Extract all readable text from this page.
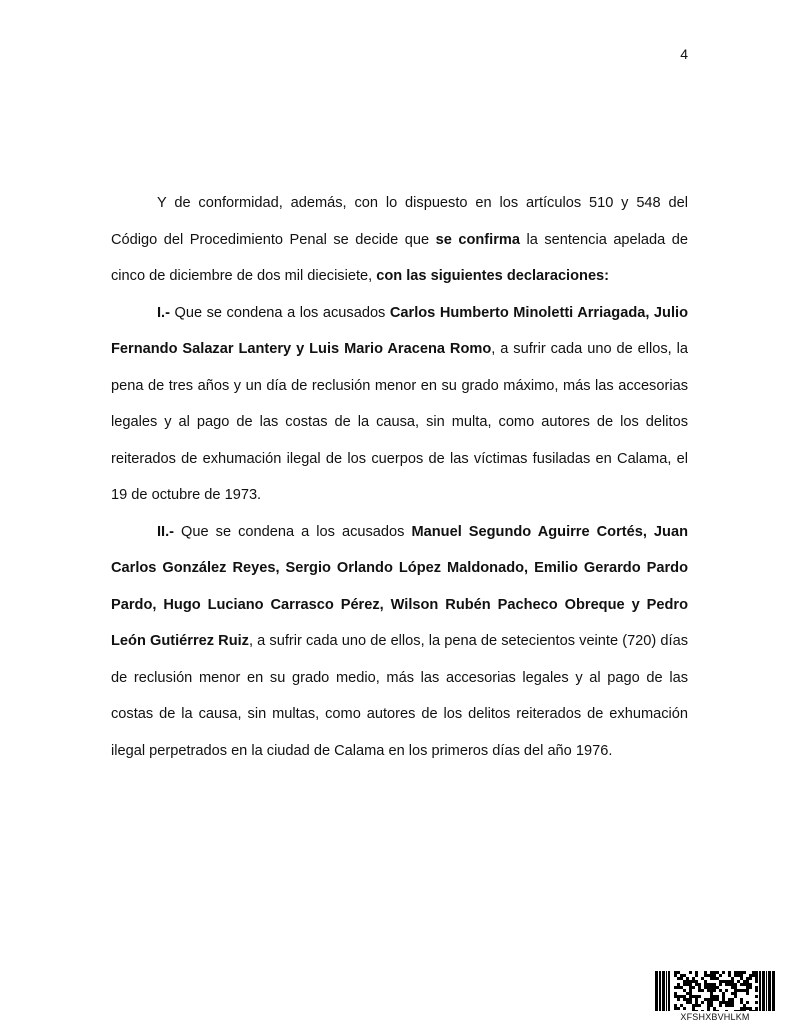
4

Y de conformidad, además, con lo dispuesto en los artículos 510 y 548 del Código del Procedimiento Penal se decide que se confirma la sentencia apelada de cinco de diciembre de dos mil diecisiete, con las siguientes declaraciones:

I.- Que se condena a los acusados Carlos Humberto Minoletti Arriagada, Julio Fernando Salazar Lantery y Luis Mario Aracena Romo, a sufrir cada uno de ellos, la pena de tres años y un día de reclusión menor en su grado máximo, más las accesorias legales y al pago de las costas de la causa, sin multa, como autores de los delitos reiterados de exhumación ilegal de los cuerpos de las víctimas fusiladas en Calama, el 19 de octubre de 1973.

II.- Que se condena a los acusados Manuel Segundo Aguirre Cortés, Juan Carlos González Reyes, Sergio Orlando López Maldonado, Emilio Gerardo Pardo Pardo, Hugo Luciano Carrasco Pérez, Wilson Rubén Pacheco Obreque y Pedro León Gutiérrez Ruiz, a sufrir cada uno de ellos, la pena de setecientos veinte (720) días de reclusión menor en su grado medio, más las accesorias legales y al pago de las costas de la causa, sin multas, como autores de los delitos reiterados de exhumación ilegal perpetrados en la ciudad de Calama en los primeros días del año 1976.

XFSHXBVHLKM
